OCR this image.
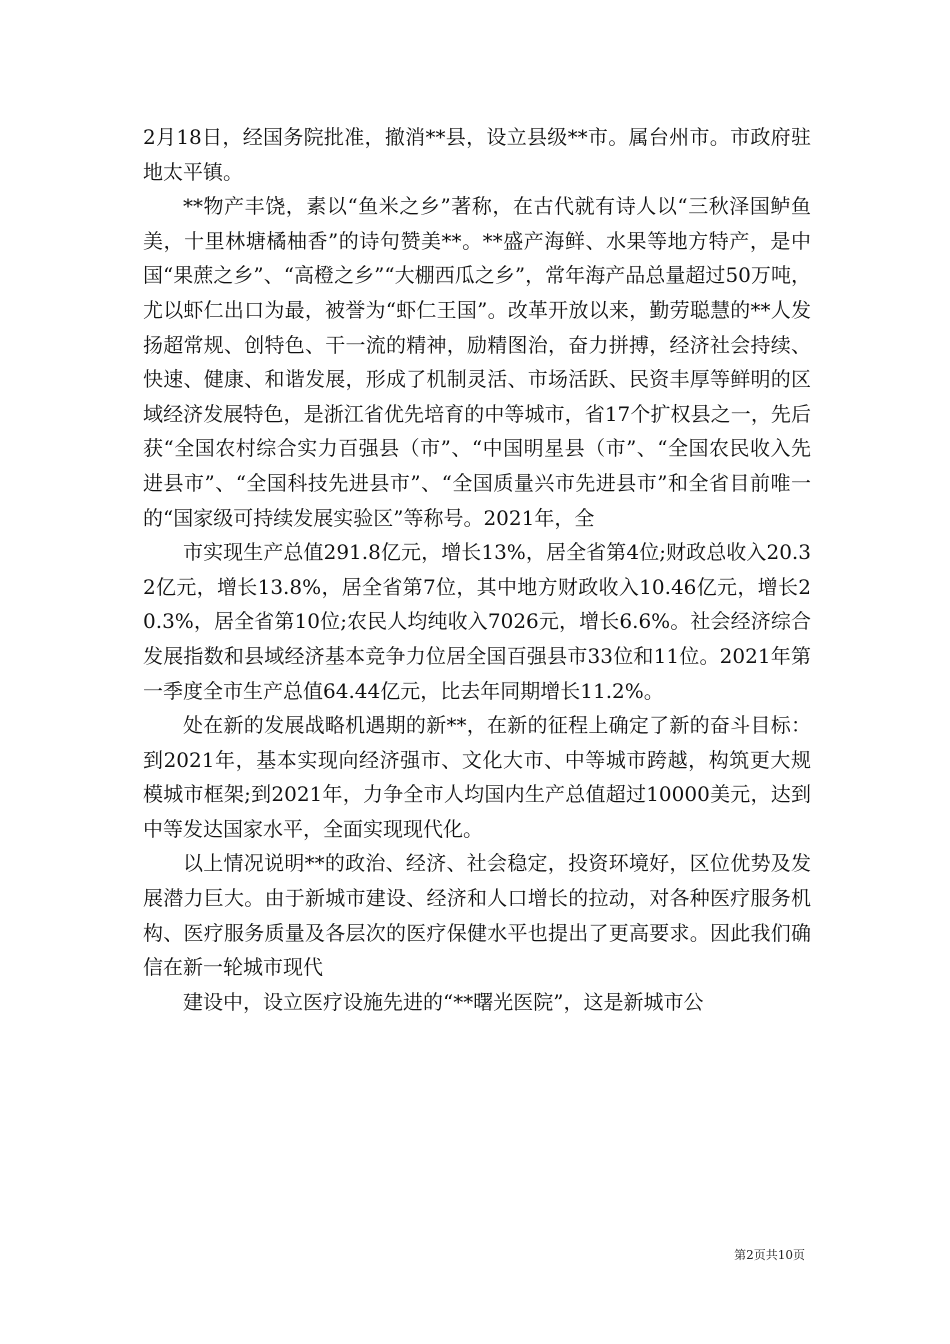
2月18日，经国务院批准，撤消**县，设立县级**市。属台州市。市政府驻地太平镇。

**物产丰饶，素以“鱼米之乡”著称，在古代就有诗人以“三秋泽国鲈鱼美，十里林塘橘柚香”的诗句赞美**。**盛产海鲜、水果等地方特产，是中国“果蔗之乡”、“高橙之乡”“大棚西瓜之乡”，常年海产品总量超过50万吨，尤以虾仁出口为最，被誉为“虾仁王国”。改革开放以来，勤劳聪慧的**人发扬超常规、创特色、干一流的精神，励精图治，奋力拼搏，经济社会持续、快速、健康、和谐发展，形成了机制灵活、市场活跃、民资丰厚等鲜明的区域经济发展特色，是浙江省优先培育的中等城市，省17个扩权县之一，先后获“全国农村综合实力百强县（市”、“中国明星县（市”、“全国农民收入先进县市”、“全国科技先进县市”、“全国质量兴市先进县市”和全省目前唯一的“国家级可持续发展实验区”等称号。2021年，全

市实现生产总值291.8亿元，增长13%，居全省第4位;财政总收入20.32亿元，增长13.8%，居全省第7位，其中地方财政收入10.46亿元，增长20.3%，居全省第10位;农民人均纯收入7026元，增长6.6%。社会经济综合发展指数和县域经济基本竞争力位居全国百强县市33位和11位。2021年第一季度全市生产总值64.44亿元，比去年同期增长11.2%。

处在新的发展战略机遇期的新**，在新的征程上确定了新的奋斗目标：到2021年，基本实现向经济强市、文化大市、中等城市跨越，构筑更大规模城市框架;到2021年，力争全市人均国内生产总值超过10000美元，达到中等发达国家水平，全面实现现代化。

以上情况说明**的政治、经济、社会稳定，投资环境好，区位优势及发展潜力巨大。由于新城市建设、经济和人口增长的拉动，对各种医疗服务机构、医疗服务质量及各层次的医疗保健水平也提出了更高要求。因此我们确信在新一轮城市现代

建设中，设立医疗设施先进的“**曙光医院”，这是新城市公

第2页共10页
